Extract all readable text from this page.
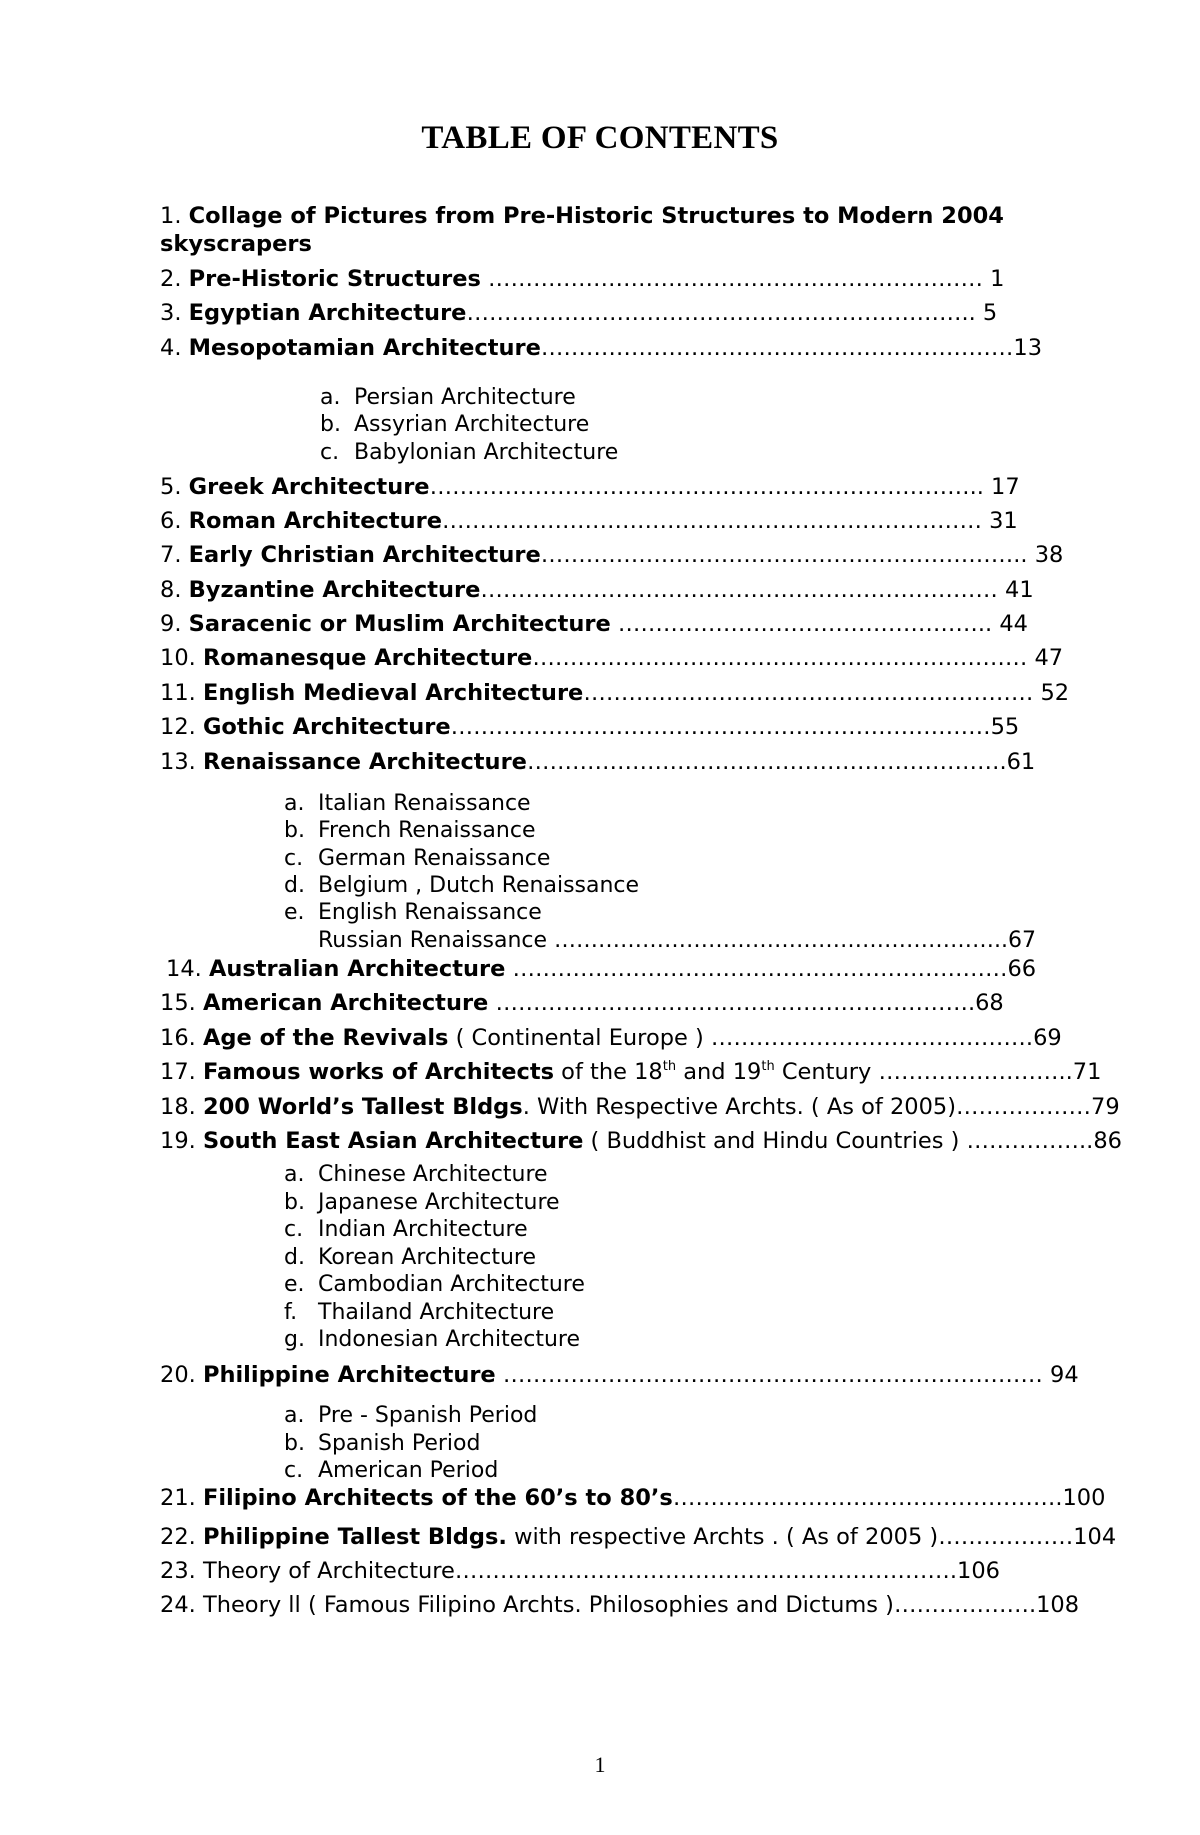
TABLE OF CONTENTS
1. Collage of Pictures from Pre-Historic Structures to Modern 2004
skyscrapers
2. Pre-Historic Structures ………………………………………………………… 1
3. Egyptian Architecture………………………………………………………….. 5
4. Mesopotamian Architecture………………………………………………………13
a. Persian Architecture
b. Assyrian Architecture
c. Babylonian Architecture
5. Greek Architecture……………………………………………………………….. 17
6. Roman Architecture……………………………………………………………… 31
7. Early Christian Architecture……………………………………………………….. 38
8. Byzantine Architecture…………………………………………………………… 41
9. Saracenic or Muslim Architecture ………………………………………….. 44
10. Romanesque Architecture………………………………………………………… 47
11. English Medieval Architecture…………………………………………………… 52
12. Gothic Architecture………………………………………………………………55
13. Renaissance Architecture……………………………………………………….61
a. Italian Renaissance
b. French Renaissance
c. German Renaissance
d. Belgium , Dutch Renaissance
e. English Renaissance
Russian Renaissance ……………………………………………………..67
14. Australian Architecture …………………………………………………………66
15. American Architecture ……………………………………………………….68
16. Age of the Revivals ( Continental Europe ) …………………………………….69
17. Famous works of Architects of the 18th and 19th Century ……………………..71
18. 200 World’s Tallest Bldgs. With Respective Archts. ( As of 2005)………………79
19. South East Asian Architecture ( Buddhist and Hindu Countries ) ……………..86
a. Chinese Architecture
b. Japanese Architecture
c. Indian Architecture
d. Korean Architecture
e. Cambodian Architecture
f. Thailand Architecture
g. Indonesian Architecture
20. Philippine Architecture ……………………………………………………………… 94
a. Pre - Spanish Period
b. Spanish Period
c. American Period
21. Filipino Architects of the 60’s to 80’s…………………………………………….100
22. Philippine Tallest Bldgs. with respective Archts . ( As of 2005 )………………104
23. Theory of Architecture………………………………………………………….106
24. Theory ll ( Famous Filipino Archts. Philosophies and Dictums )……………….108
1
